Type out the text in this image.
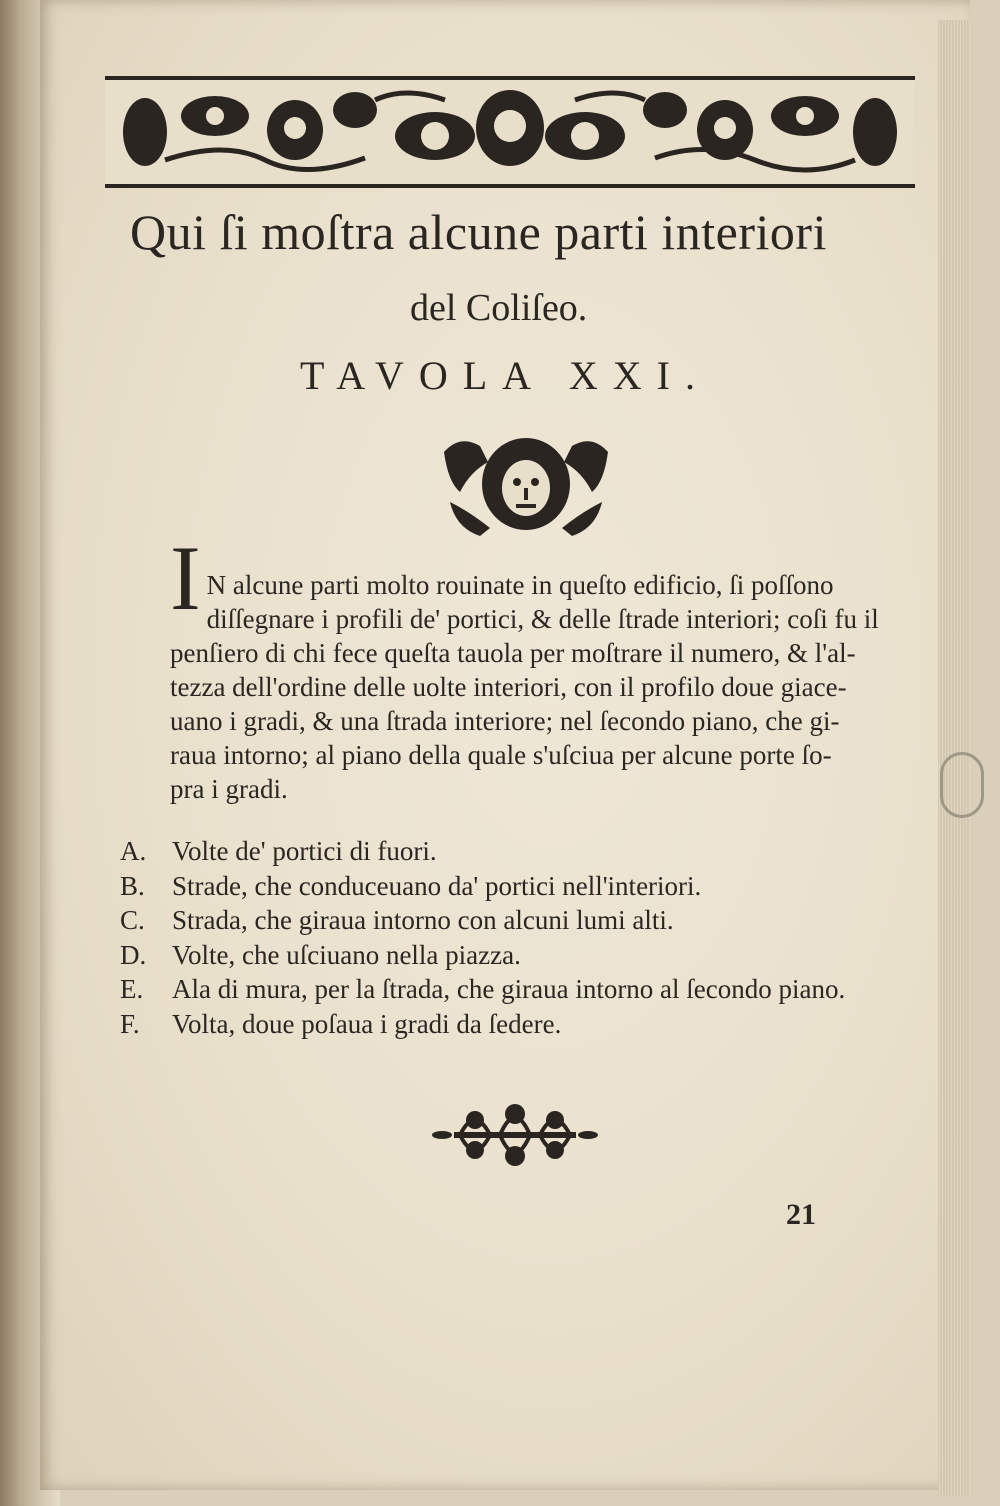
Qui ſi moſtra alcune parti interiori
del Coliſeo.
TAVOLA XXI.
I N alcune parti molto rouinate in queſto edificio, ſi poſſono
diſſegnare i profili de' portici, & delle ſtrade interiori; coſi fu il
penſiero di chi fece queſta tauola per moſtrare il numero, & l'al-
tezza dell'ordine delle uolte interiori, con il profilo doue giace-
uano i gradi, & una ſtrada interiore; nel ſecondo piano, che gi-
raua intorno; al piano della quale s'uſciua per alcune porte ſo-
pra i gradi.
A. Volte de' portici di fuori.
B.	Strade, che conduceuano da' portici nell'interiori.
C.	Strada, che giraua intorno con alcuni lumi alti.
D. Volte, che uſciuano nella piazza.
E.	Ala di mura, per la ſtrada, che giraua intorno al ſecondo piano.
F.	Volta, doue poſaua i gradi da ſedere.
21
